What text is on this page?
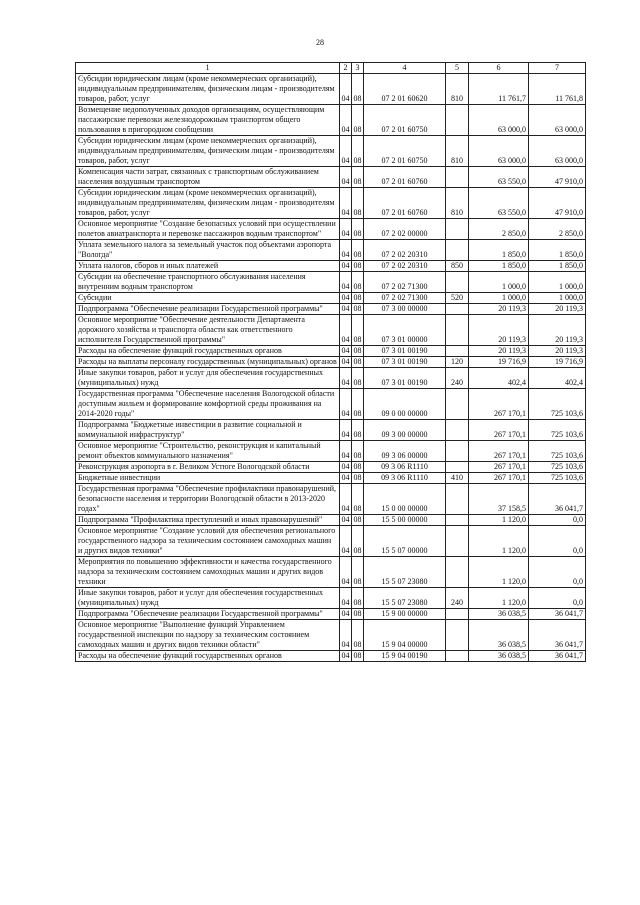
28
1	2	3	4	5	6	7
Субсидии юридическим лицам (кроме некоммерческих организаций), индивидуальным предпринимателям, физическим лицам - производителям товаров, работ, услуг	04	08	07 2 01 60620	810	11 761,7	11 761,8
Возмещение недополученных доходов организациям, осуществляющим пассажирские перевозки железнодорожным транспортом общего пользования в пригородном сообщении	04	08	07 2 01 60750		63 000,0	63 000,0
Субсидии юридическим лицам (кроме некоммерческих организаций), индивидуальным предпринимателям, физическим лицам - производителям товаров, работ, услуг	04	08	07 2 01 60750	810	63 000,0	63 000,0
Компенсация части затрат, связанных с транспортным обслуживанием населения воздушным транспортом	04	08	07 2 01 60760		63 550,0	47 910,0
Субсидии юридическим лицам (кроме некоммерческих организаций), индивидуальным предпринимателям, физическим лицам - производителям товаров, работ, услуг	04	08	07 2 01 60760	810	63 550,0	47 910,0
Основное мероприятие "Создание безопасных условий при осуществлении полетов авиатранспорта и перевозке пассажиров водным транспортом"	04	08	07 2 02 00000		2 850,0	2 850,0
Уплата земельного налога за земельный участок под объектами аэропорта "Вологда"	04	08	07 2 02 20310		1 850,0	1 850,0
Уплата налогов, сборов и иных платежей	04	08	07 2 02 20310	850	1 850,0	1 850,0
Субсидии на обеспечение транспортного обслуживания населения внутренним водным транспортом	04	08	07 2 02 71300		1 000,0	1 000,0
Субсидии	04	08	07 2 02 71300	520	1 000,0	1 000,0
Подпрограмма "Обеспечение реализации Государственной программы"	04	08	07 3 00 00000		20 119,3	20 119,3
Основное мероприятие "Обеспечение деятельности Департамента дорожного хозяйства и транспорта области как ответственного исполнителя Государственной программы"	04	08	07 3 01 00000		20 119,3	20 119,3
Расходы на обеспечение функций государственных органов	04	08	07 3 01 00190		20 119,3	20 119,3
Расходы на выплаты персоналу государственных (муниципальных) органов	04	08	07 3 01 00190	120	19 716,9	19 716,9
Иные закупки товаров, работ и услуг для обеспечения государственных (муниципальных) нужд	04	08	07 3 01 00190	240	402,4	402,4
Государственная программа "Обеспечение населения Вологодской области доступным жильем и формирование комфортной среды проживания на 2014-2020 годы"	04	08	09 0 00 00000		267 170,1	725 103,6
Подпрограмма "Бюджетные инвестиции в развитие социальной и коммунальной инфраструктур"	04	08	09 3 00 00000		267 170,1	725 103,6
Основное мероприятие "Строительство, реконструкция и капитальный ремонт объектов коммунального назначения"	04	08	09 3 06 00000		267 170,1	725 103,6
Реконструкция аэропорта в г. Великом Устюге Вологодской области	04	08	09 3 06 R1110		267 170,1	725 103,6
Бюджетные инвестиции	04	08	09 3 06 R1110	410	267 170,1	725 103,6
Государственная программа "Обеспечение профилактики правонарушений, безопасности населения и территории Вологодской области в 2013-2020 годах"	04	08	15 0 00 00000		37 158,5	36 041,7
Подпрограмма "Профилактика преступлений и иных правонарушений"	04	08	15 5 00 00000		1 120,0	0,0
Основное мероприятие "Создание условий для обеспечения регионального государственного надзора за техническим состоянием самоходных машин и других видов техники"	04	08	15 5 07 00000		1 120,0	0,0
Мероприятия по повышению эффективности и качества государственного надзора за техническим состоянием самоходных машин и других видов техники	04	08	15 5 07 23080		1 120,0	0,0
Иные закупки товаров, работ и услуг для обеспечения государственных (муниципальных) нужд	04	08	15 5 07 23080	240	1 120,0	0,0
Подпрограмма "Обеспечение реализации Государственной программы"	04	08	15 9 00 00000		36 038,5	36 041,7
Основное мероприятие "Выполнение функций Управлением государственной инспекции по надзору за техническим состоянием самоходных машин и других видов техники области"	04	08	15 9 04 00000		36 038,5	36 041,7
Расходы на обеспечение функций государственных органов	04	08	15 9 04 00190		36 038,5	36 041,7
